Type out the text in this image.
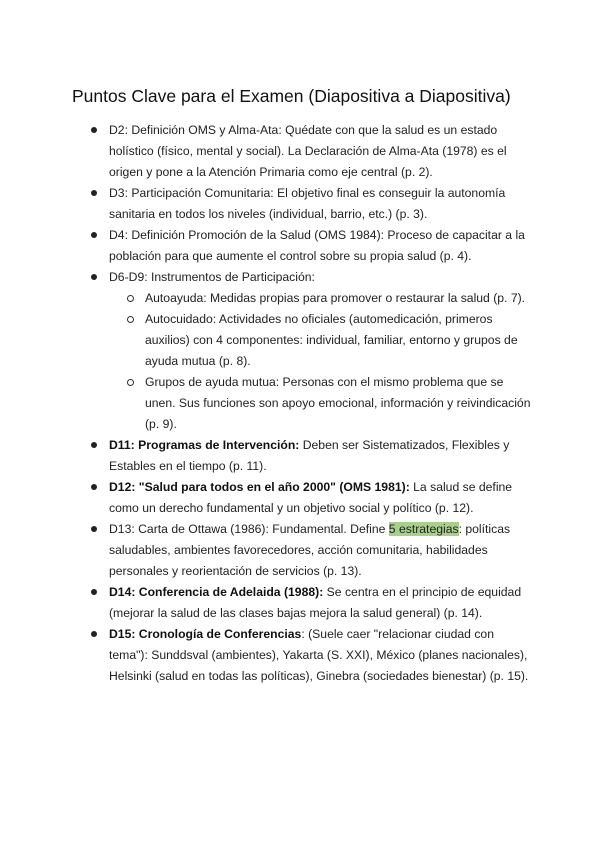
Puntos Clave para el Examen (Diapositiva a Diapositiva)
D2: Definición OMS y Alma-Ata: Quédate con que la salud es un estado holístico (físico, mental y social). La Declaración de Alma-Ata (1978) es el origen y pone a la Atención Primaria como eje central (p. 2).
D3: Participación Comunitaria: El objetivo final es conseguir la autonomía sanitaria en todos los niveles (individual, barrio, etc.) (p. 3).
D4: Definición Promoción de la Salud (OMS 1984): Proceso de capacitar a la población para que aumente el control sobre su propia salud (p. 4).
D6-D9: Instrumentos de Participación:
Autoayuda: Medidas propias para promover o restaurar la salud (p. 7).
Autocuidado: Actividades no oficiales (automedicación, primeros auxilios) con 4 componentes: individual, familiar, entorno y grupos de ayuda mutua (p. 8).
Grupos de ayuda mutua: Personas con el mismo problema que se unen. Sus funciones son apoyo emocional, información y reivindicación (p. 9).
D11: Programas de Intervención: Deben ser Sistematizados, Flexibles y Estables en el tiempo (p. 11).
D12: "Salud para todos en el año 2000" (OMS 1981): La salud se define como un derecho fundamental y un objetivo social y político (p. 12).
D13: Carta de Ottawa (1986): Fundamental. Define 5 estrategias: políticas saludables, ambientes favorecedores, acción comunitaria, habilidades personales y reorientación de servicios (p. 13).
D14: Conferencia de Adelaida (1988): Se centra en el principio de equidad (mejorar la salud de las clases bajas mejora la salud general) (p. 14).
D15: Cronología de Conferencias: (Suele caer "relacionar ciudad con tema"): Sunddsval (ambientes), Yakarta (S. XXI), México (planes nacionales), Helsinki (salud en todas las políticas), Ginebra (sociedades bienestar) (p. 15).
